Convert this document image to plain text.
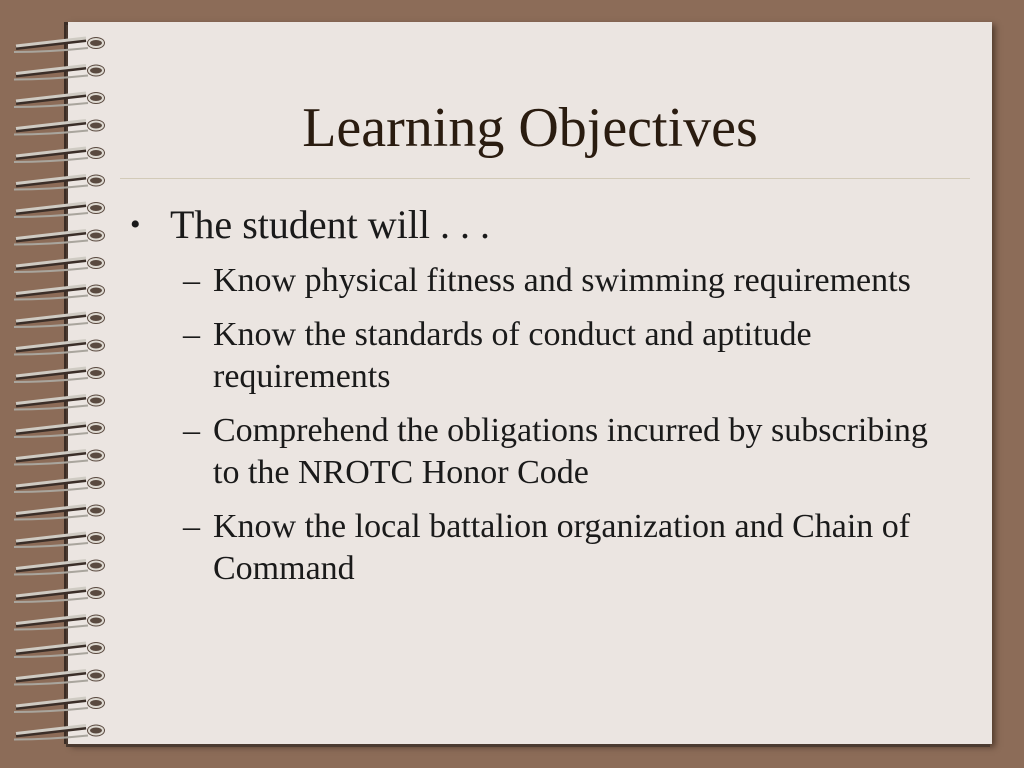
Learning Objectives
• The student will . . .
– Know physical fitness and swimming requirements
– Know the standards of conduct and aptitude requirements
– Comprehend the obligations incurred by subscribing to the NROTC Honor Code
– Know the local battalion organization and Chain of Command
